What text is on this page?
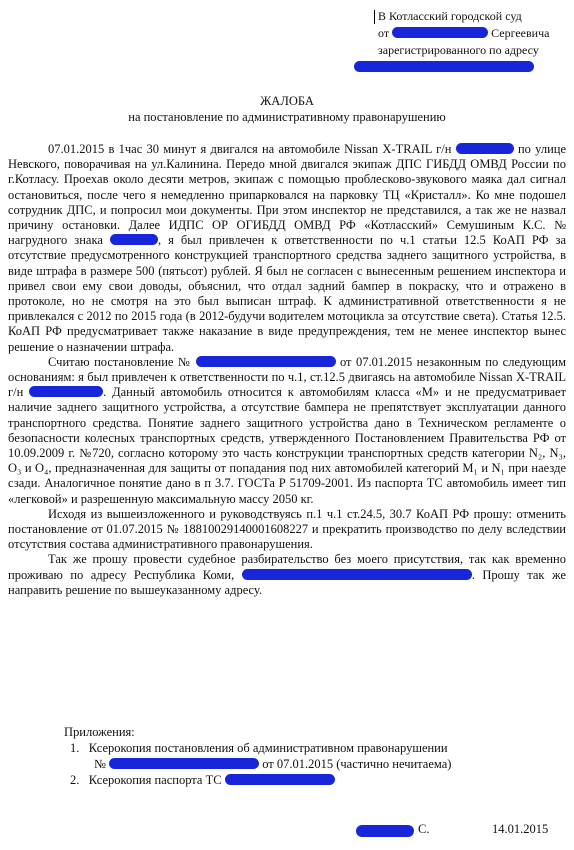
В Котласский городской суд
от	Сергеевича
зарегистрированного по адресу
ЖАЛОБА
на постановление по административному правонарушению

07.01.2015 в 1час 30 минут я двигался на автомобиле Nissan X-TRAIL г/н	по улице Невского, поворачивая на ул.Калинина. Передо мной двигался экипаж ДПС ГИБДД ОМВД России по г.Котласу. Проехав около десяти метров, экипаж с помощью проблесково-звукового маяка дал сигнал остановиться, после чего я немедленно припарковался на парковку ТЦ «Кристалл». Ко мне подошел сотрудник ДПС, и попросил мои документы. При этом инспектор не представился, а так же не назвал причину остановки. Далее ИДПС ОР ОГИБДД ОМВД РФ «Котласский» Семушиным К.С. № нагрудного знака	, я был привлечен к ответственности по ч.1 статьи 12.5 КоАП РФ за отсутствие предусмотренного конструкцией транспортного средства заднего защитного устройства, в виде штрафа в размере 500 (пятьсот) рублей. Я был не согласен с вынесенным решением инспектора и привел свои ему свои доводы, объяснил, что отдал задний бампер в покраску, что и отражено в протоколе, но не смотря на это был выписан штраф. К административной ответственности я не привлекался с 2012 по 2015 года (в 2012-будучи водителем мотоцикла за отсутствие света). Статья 12.5. КоАП РФ предусматривает также наказание в виде предупреждения, тем не менее инспектор вынес решение о назначении штрафа.

Считаю постановление №	от 07.01.2015 незаконным по следующим основаниям: я был привлечен к ответственности по ч.1, ст.12.5 двигаясь на автомобиле Nissan X-TRAIL г/н	. Данный автомобиль относится к автомобилям класса «М» и не предусматривает наличие заднего защитного устройства, а отсутствие бампера не препятствует эксплуатации данного транспортного средства. Понятие заднего защитного устройства дано в Техническом регламенте о безопасности колесных транспортных средств, утвержденного Постановлением Правительства РФ от 10.09.2009 г. №720, согласно которому это часть конструкции транспортных средств категории N₂, N₃, O₃ и O₄, предназначенная для защиты от попадания под них автомобилей категорий M₁ и N₁ при наезде сзади. Аналогичное понятие дано в п 3.7. ГОСТа Р 51709-2001. Из паспорта ТС автомобиль имеет тип «легковой» и разрешенную максимальную массу 2050 кг.

Исходя из вышеизложенного и руководствуясь п.1 ч.1 ст.24.5, 30.7 КоАП РФ прошу: отменить постановление от 01.07.2015 № 18810029140001608227 и прекратить производство по делу вследствии отсутствия состава административного правонарушения.

Так же прошу провести судебное разбирательство без моего присутствия, так как временно проживаю по адресу Республика Коми,	. Прошу так же направить решение по вышеуказанному адресу.

Приложения:
1. Ксерокопия постановления об административном правонарушении
№	от 07.01.2015 (частично нечитаема)
2. Ксерокопия паспорта ТС
С.	14.01.2015
